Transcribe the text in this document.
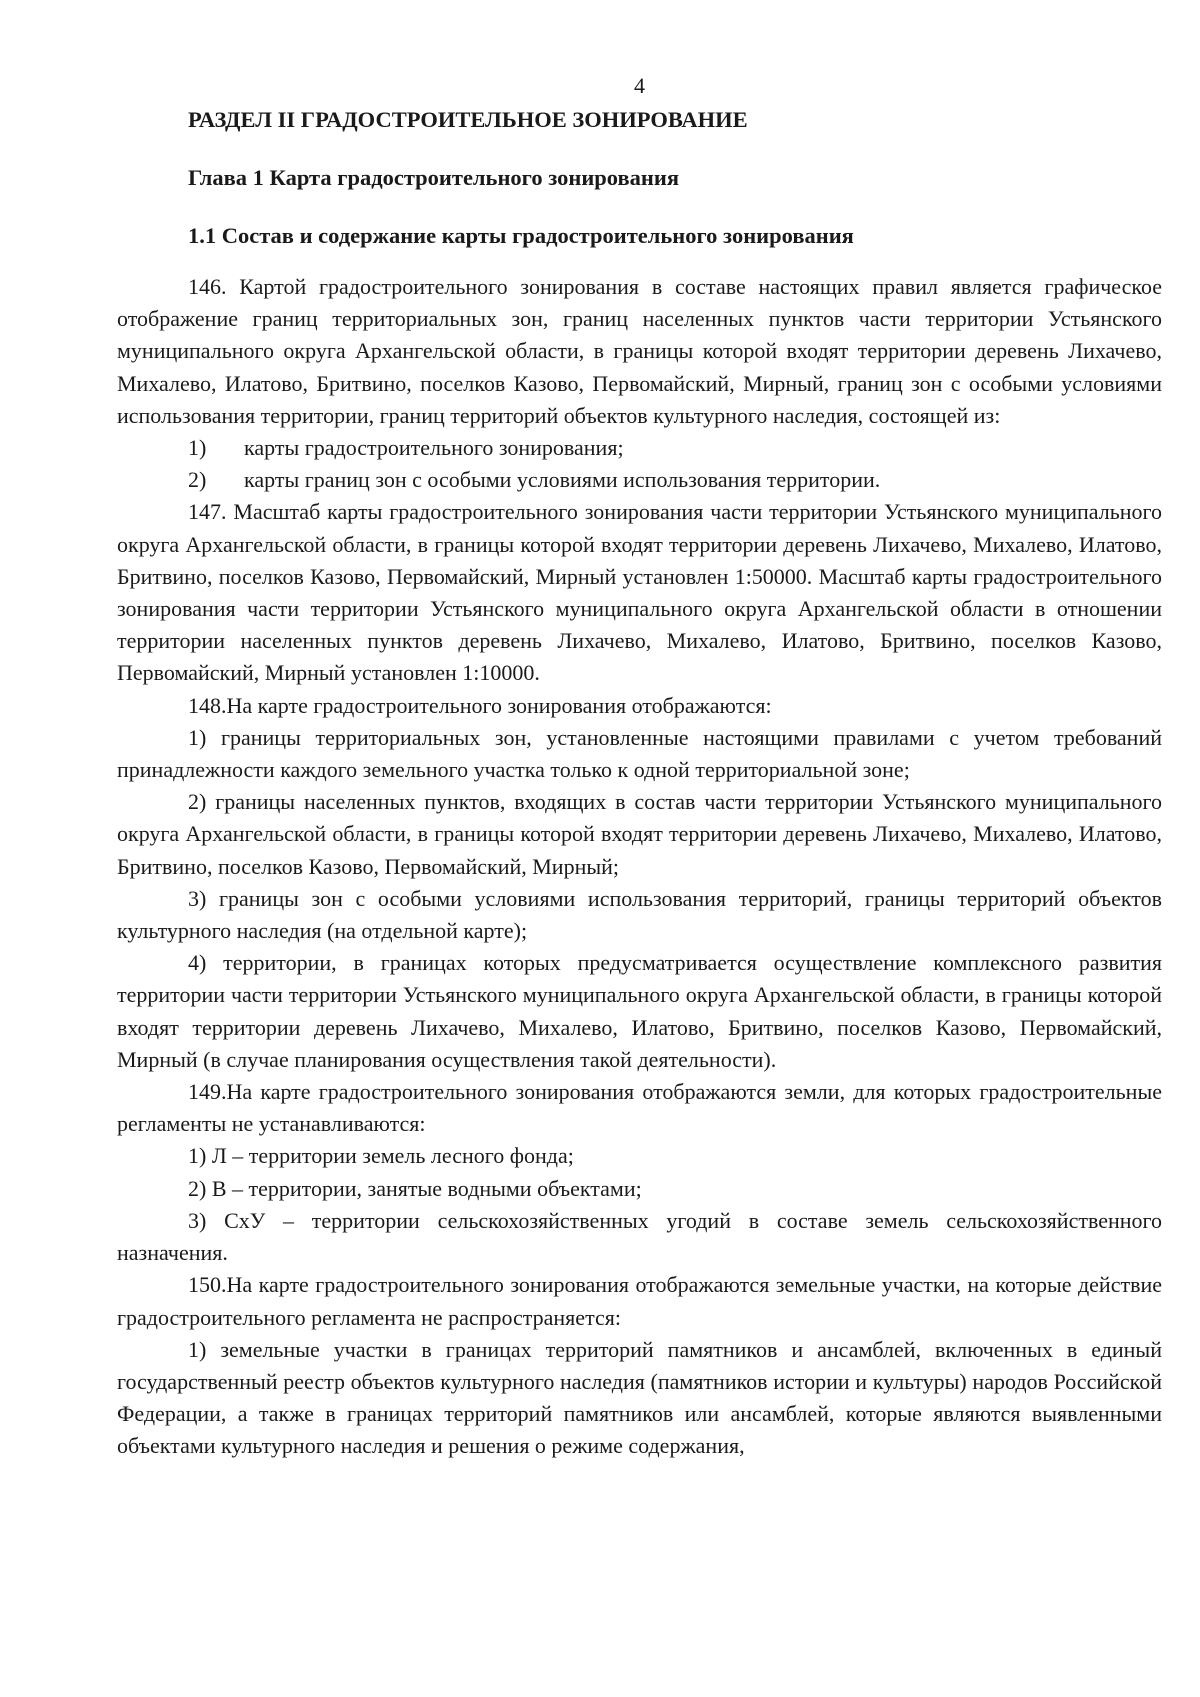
4
РАЗДЕЛ II ГРАДОСТРОИТЕЛЬНОЕ ЗОНИРОВАНИЕ
Глава 1 Карта градостроительного зонирования
1.1 Состав и содержание карты градостроительного зонирования

146. Картой градостроительного зонирования в составе настоящих правил является графическое отображение границ территориальных зон, границ населенных пунктов части территории Устьянского муниципального округа Архангельской области, в границы которой входят территории деревень Лихачево, Михалево, Илатово, Бритвино, поселков Казово, Первомайский, Мирный, границ зон с особыми условиями использования территории, границ территорий объектов культурного наследия, состоящей из:

1)	карты градостроительного зонирования;
2)	карты границ зон с особыми условиями использования территории.

147. Масштаб карты градостроительного зонирования части территории Устьянского муниципального округа Архангельской области, в границы которой входят территории деревень Лихачево, Михалево, Илатово, Бритвино, поселков Казово, Первомайский, Мирный установлен 1:50000. Масштаб карты градостроительного зонирования части территории Устьянского муниципального округа Архангельской области в отношении территории населенных пунктов деревень Лихачево, Михалево, Илатово, Бритвино, поселков Казово, Первомайский, Мирный установлен 1:10000.

148.На карте градостроительного зонирования отображаются:

1) границы территориальных зон, установленные настоящими правилами с учетом требований принадлежности каждого земельного участка только к одной территориальной зоне;

2) границы населенных пунктов, входящих в состав части территории Устьянского муниципального округа Архангельской области, в границы которой входят территории деревень Лихачево, Михалево, Илатово, Бритвино, поселков Казово, Первомайский, Мирный;

3) границы зон с особыми условиями использования территорий, границы территорий объектов культурного наследия (на отдельной карте);

4) территории, в границах которых предусматривается осуществление комплексного развития территории части территории Устьянского муниципального округа Архангельской области, в границы которой входят территории деревень Лихачево, Михалево, Илатово, Бритвино, поселков Казово, Первомайский, Мирный (в случае планирования осуществления такой деятельности).

149.На карте градостроительного зонирования отображаются земли, для которых градостроительные регламенты не устанавливаются:

1) Л – территории земель лесного фонда;

2) В – территории, занятые водными объектами;

3) СхУ – территории сельскохозяйственных угодий в составе земель сельскохозяйственного назначения.

150.На карте градостроительного зонирования отображаются земельные участки, на которые действие градостроительного регламента не распространяется:

1) земельные участки в границах территорий памятников и ансамблей, включенных в единый государственный реестр объектов культурного наследия (памятников истории и культуры) народов Российской Федерации, а также в границах территорий памятников или ансамблей, которые являются выявленными объектами культурного наследия и решения о режиме содержания,
